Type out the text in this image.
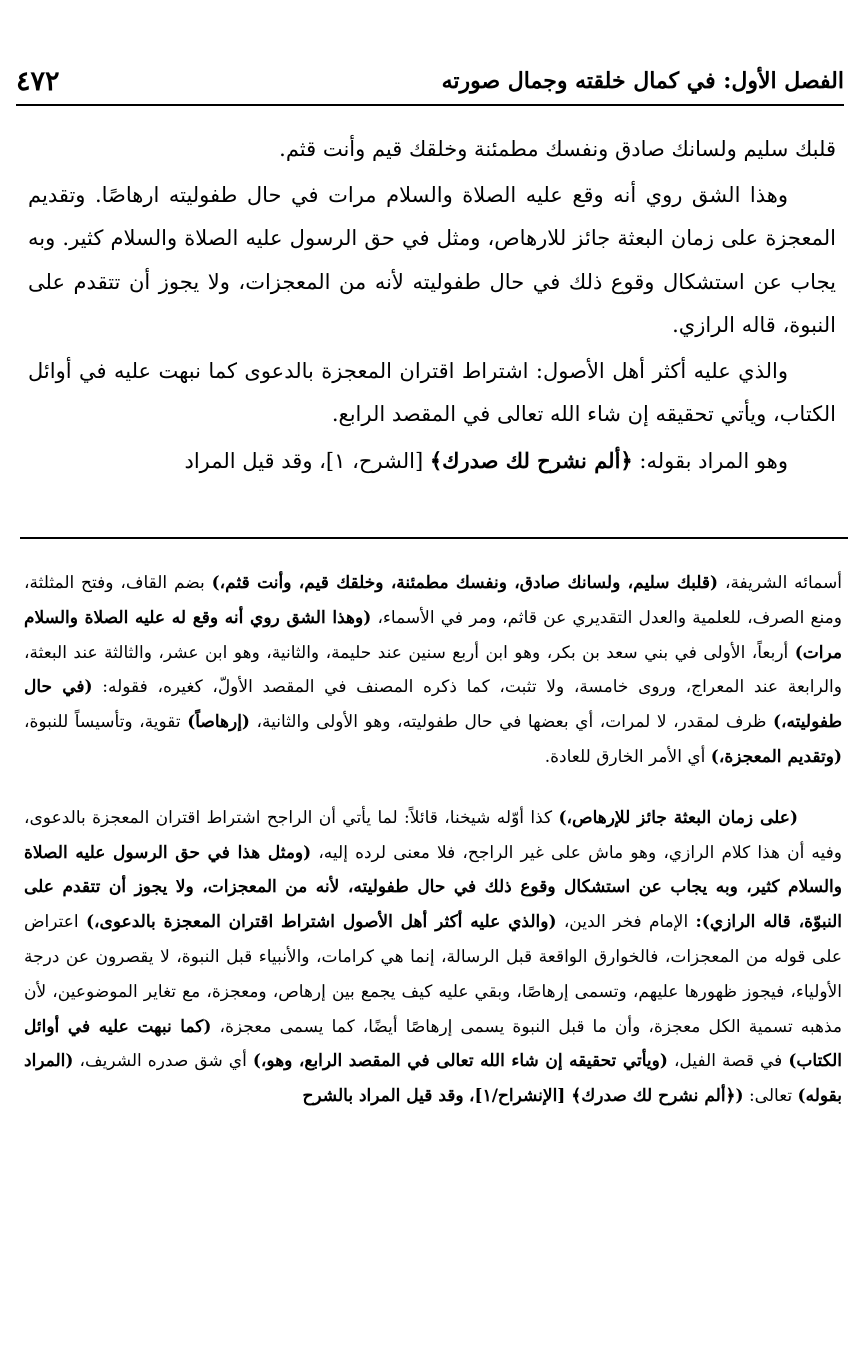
الفصل الأول: في كمال خلقته وجمال صورته
٤٧٢

قلبك سليم ولسانك صادق ونفسك مطمئنة وخلقك قيم وأنت قثم.

وهذا الشق روي أنه وقع عليه الصلاة والسلام مرات في حال طفوليته ارهاصًا. وتقديم المعجزة على زمان البعثة جائز للارهاص، ومثل في حق الرسول عليه الصلاة والسلام كثير. وبه يجاب عن استشكال وقوع ذلك في حال طفوليته لأنه من المعجزات، ولا يجوز أن تتقدم على النبوة، قاله الرازي.

والذي عليه أكثر أهل الأصول: اشتراط اقتران المعجزة بالدعوى كما نبهت عليه في أوائل الكتاب، ويأتي تحقيقه إن شاء الله تعالى في المقصد الرابع.

وهو المراد بقوله: ﴿ألم نشرح لك صدرك﴾ [الشرح، ١]، وقد قيل المراد

أسمائه الشريفة، (قلبك سليم، ولسانك صادق، ونفسك مطمئنة، وخلقك قيم، وأنت قثم،) بضم القاف، وفتح المثلثة، ومنع الصرف، للعلمية والعدل التقديري عن قاثم، ومر في الأسماء، (وهذا الشق روي أنه وقع له عليه الصلاة والسلام مرات) أربعاً، الأولى في بني سعد بن بكر، وهو ابن أربع سنين عند حليمة، والثانية، وهو ابن عشر، والثالثة عند البعثة، والرابعة عند المعراج، وروى خامسة، ولا تثبت، كما ذكره المصنف في المقصد الأولّ، كغيره، فقوله: (في حال طفوليته،) ظرف لمقدر، لا لمرات، أي بعضها في حال طفوليته، وهو الأولى والثانية، (إرهاصاً) تقوية، وتأسيساً للنبوة، (وتقديم المعجزة،) أي الأمر الخارق للعادة.

(على زمان البعثة جائز للإرهاص،) كذا أوّله شيخنا، قائلاً: لما يأتي أن الراجح اشتراط اقتران المعجزة بالدعوى، وفيه أن هذا كلام الرازي، وهو ماش على غير الراجح، فلا معنى لرده إليه، (ومثل هذا في حق الرسول عليه الصلاة والسلام كثير، وبه يجاب عن استشكال وقوع ذلك في حال طفوليته، لأنه من المعجزات، ولا يجوز أن تتقدم على النبوّة، قاله الرازي): الإمام فخر الدين، (والذي عليه أكثر أهل الأصول اشتراط اقتران المعجزة بالدعوى،) اعتراض على قوله من المعجزات، فالخوارق الواقعة قبل الرسالة، إنما هي كرامات، والأنبياء قبل النبوة، لا يقصرون عن درجة الأولياء، فيجوز ظهورها عليهم، وتسمى إرهاصًا، وبقي عليه كيف يجمع بين إرهاص، ومعجزة، مع تغاير الموضوعين، لأن مذهبه تسمية الكل معجزة، وأن ما قبل النبوة يسمى إرهاصًا أيضًا، كما يسمى معجزة، (كما نبهت عليه في أوائل الكتاب) في قصة الفيل، (ويأتي تحقيقه إن شاء الله تعالى في المقصد الرابع، وهو،) أي شق صدره الشريف، (المراد بقوله) تعالى: (﴿ألم نشرح لك صدرك﴾ [الإنشراح/١]، وقد قيل المراد بالشرح
